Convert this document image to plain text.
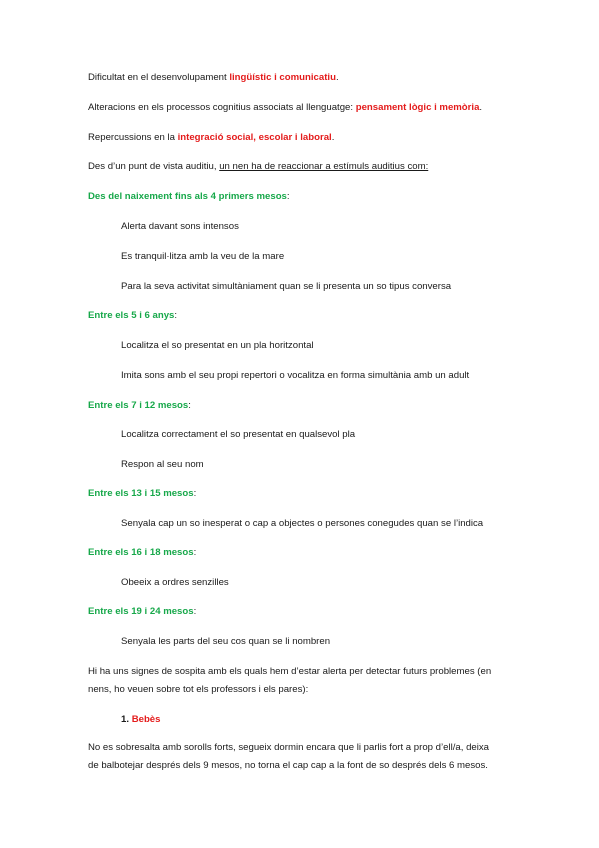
Dificultat en el desenvolupament lingüístic i comunicatiu.
Alteracions en els processos cognitius associats al llenguatge: pensament lògic i memòria.
Repercussions en la integració social, escolar i laboral.
Des d’un punt de vista auditiu, un nen ha de reaccionar a estímuls auditius com:
Des del naixement fins als 4 primers mesos:
Alerta davant sons intensos
Es tranquil·litza amb la veu de la mare
Para la seva activitat simultàniament quan se li presenta un so tipus conversa
Entre els 5 i 6 anys:
Localitza el so presentat en un pla horitzontal
Imita sons amb el seu propi repertori o vocalitza en forma simultània amb un adult
Entre els 7 i 12 mesos:
Localitza correctament el so presentat en qualsevol pla
Respon al seu nom
Entre els 13 i 15 mesos:
Senyala cap un so inesperat o cap a objectes o persones conegudes quan se l’indica
Entre els 16 i 18 mesos:
Obeeix a ordres senzilles
Entre els 19 i 24 mesos:
Senyala les parts del seu cos quan se li nombren
Hi ha uns signes de sospita amb els quals hem d’estar alerta per detectar futurs problemes (en
nens, ho veuen sobre tot els professors i els pares):
1. Bebès
No es sobresalta amb sorolls forts, segueix dormin encara que li parlis fort a prop d’ell/a, deixa
de balbotejar després dels 9 mesos, no torna el cap cap a la font de so després dels 6 mesos.
